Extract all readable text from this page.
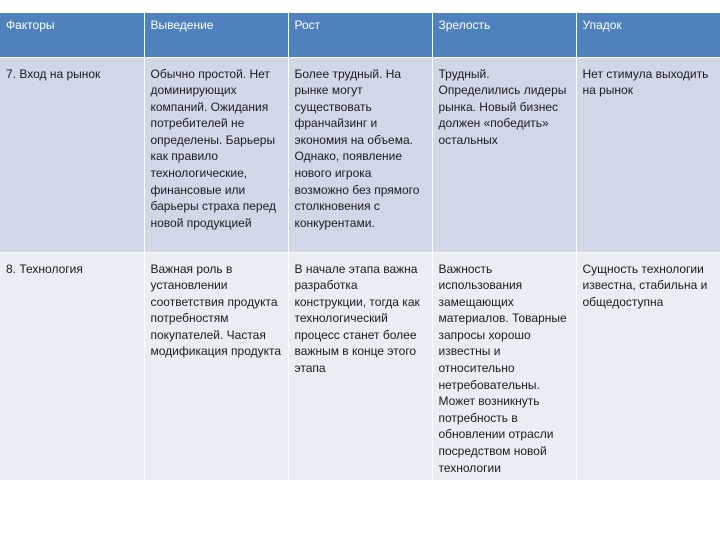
Факторы	Выведение	Рост	Зрелость	Упадок

7. Вход на рынок	Обычно простой. Нет доминирующих компаний. Ожидания потребителей не определены. Барьеры как правило технологические, финансовые или барьеры страха перед новой продукцией	Более трудный. На рынке могут существовать франчайзинг и экономия на объема. Однако, появление нового игрока возможно без прямого столкновения с конкурентами.	Трудный. Определились лидеры рынка. Новый бизнес должен «победить» остальных	Нет стимула выходить на рынок

8. Технология	Важная роль в установлении соответствия продукта потребностям покупателей. Частая модификация продукта	В начале этапа важна разработка конструкции, тогда как технологический процесс станет более важным в конце этого этапа	Важность использования замещающих материалов. Товарные запросы хорошо известны и относительно нетребовательны. Может возникнуть потребность в обновлении отрасли посредством новой технологии	Сущность технологии известна, стабильна и общедоступна
